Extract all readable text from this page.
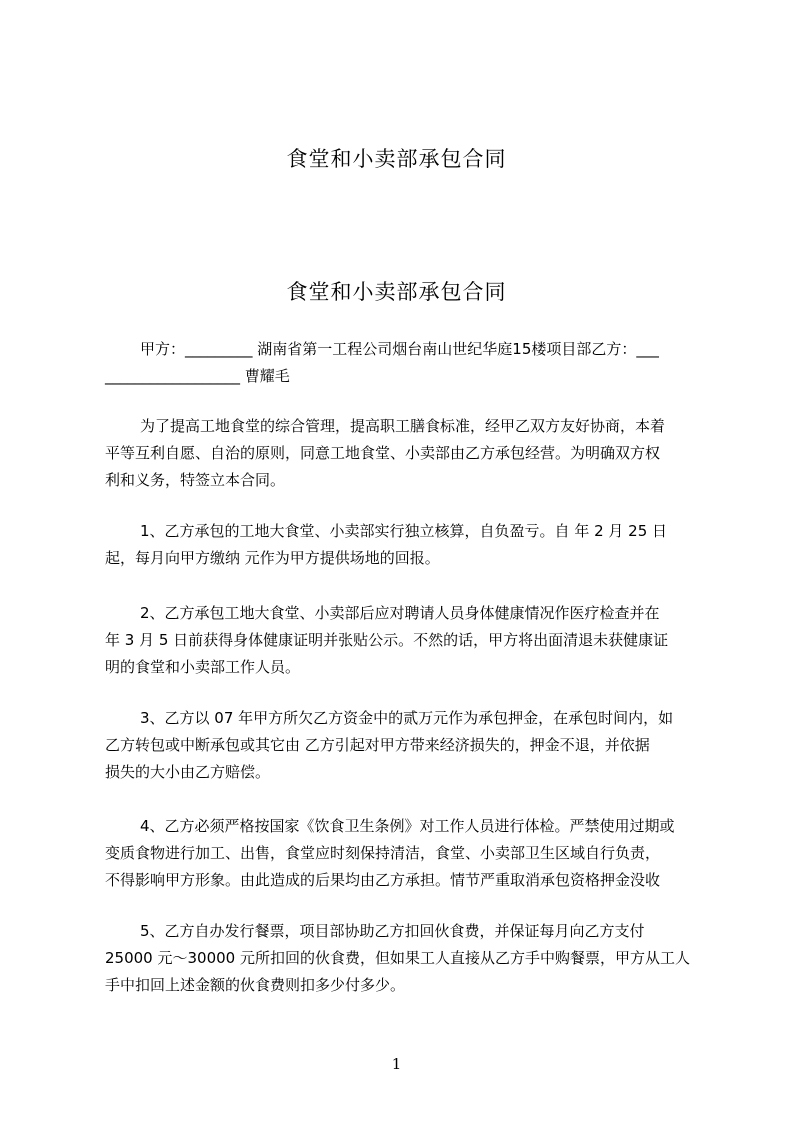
食堂和小卖部承包合同
食堂和小卖部承包合同
甲方：_________ 湖南省第一工程公司烟台南山世纪华庭15楼项目部乙方：___
__________________ 曹耀毛
为了提高工地食堂的综合管理，提高职工膳食标准，经甲乙双方友好协商，本着
平等互利自愿、自治的原则，同意工地食堂、小卖部由乙方承包经营。为明确双方权
利和义务，特签立本合同。
1、乙方承包的工地大食堂、小卖部实行独立核算，自负盈亏。自 年 2 月 25 日
起，每月向甲方缴纳 元作为甲方提供场地的回报。
2、乙方承包工地大食堂、小卖部后应对聘请人员身体健康情况作医疗检查并在
年 3 月 5 日前获得身体健康证明并张贴公示。不然的话，甲方将出面清退未获健康证
明的食堂和小卖部工作人员。
3、乙方以 07 年甲方所欠乙方资金中的贰万元作为承包押金，在承包时间内，如
乙方转包或中断承包或其它由 乙方引起对甲方带来经济损失的，押金不退，并依据
损失的大小由乙方赔偿。
4、乙方必须严格按国家《饮食卫生条例》对工作人员进行体检。严禁使用过期或
变质食物进行加工、出售，食堂应时刻保持清洁，食堂、小卖部卫生区域自行负责，
不得影响甲方形象。由此造成的后果均由乙方承担。情节严重取消承包资格押金没收
5、乙方自办发行餐票，项目部协助乙方扣回伙食费，并保证每月向乙方支付
25000 元～30000 元所扣回的伙食费，但如果工人直接从乙方手中购餐票，甲方从工人
手中扣回上述金额的伙食费则扣多少付多少。
1
